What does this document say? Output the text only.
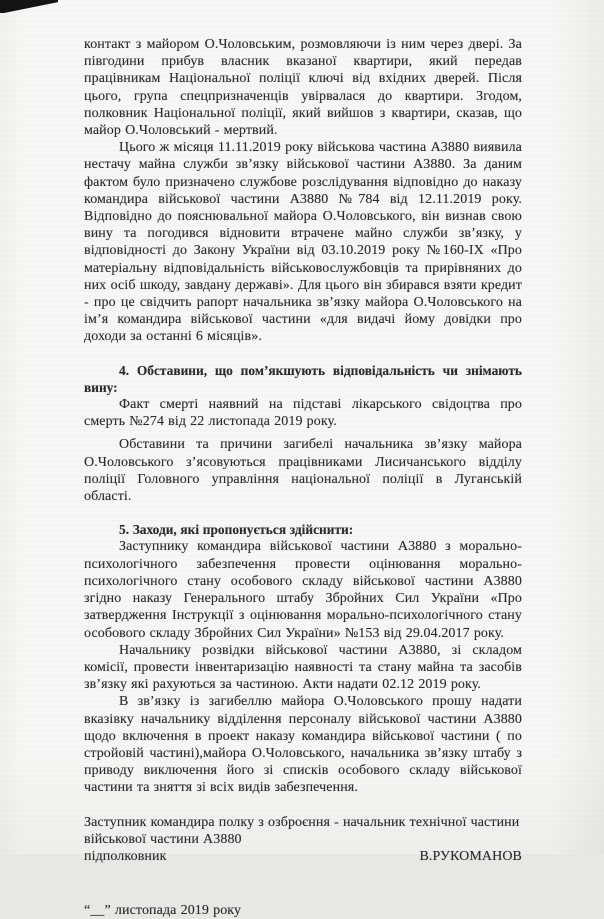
контакт з майором О.Чоловським, розмовляючи із ним через двері. За півгодини прибув власник вказаної квартири, який передав працівникам Національної поліції ключі від вхідних дверей. Після цього, група спецпризначенців увірвалася до квартири. Згодом, полковник Національної поліції, який вийшов з квартири, сказав, що майор О.Чоловський - мертвий.

Цього ж місяця 11.11.2019 року військова частина А3880 виявила нестачу майна служби зв’язку військової частини А3880. За даним фактом було призначено службове розслідування відповідно до наказу командира військової частини А3880 №784 від 12.11.2019 року. Відповідно до пояснювальної майора О.Чоловського, він визнав свою вину та погодився відновити втрачене майно служби зв’язку, у відповідності до Закону України від 03.10.2019 року №160-ІХ «Про матеріальну відповідальність військовослужбовців та прирівняних до них осіб шкоду, завдану державі». Для цього він збирався взяти кредит - про це свідчить рапорт начальника зв’язку майора О.Чоловського на ім’я командира військової частини «для видачі йому довідки про доходи за останні 6 місяців».

4. Обставини, що пом’якшують відповідальність чи знімають вину:

Факт смерті наявний на підставі лікарського свідоцтва про смерть №274 від 22 листопада 2019 року.

Обставини та причини загибелі начальника зв’язку майора О.Чоловського з’ясовуються працівниками Лисичанського відділу поліції Головного управління національної поліції в Луганській області.

5. Заходи, які пропонується здійснити:

Заступнику командира військової частини А3880 з морально-психологічного забезпечення провести оцінювання морально-психологічного стану особового складу військової частини А3880 згідно наказу Генерального штабу Збройних Сил України «Про затвердження Інструкції з оцінювання морально-психологічного стану особового складу Збройних Сил України» №153 від 29.04.2017 року.

Начальнику розвідки військової частини А3880, зі складом комісії, провести інвентаризацію наявності та стану майна та засобів зв’язку які рахуються за частиною. Акти надати 02.12 2019 року.

В зв’язку із загибеллю майора О.Чоловського прошу надати вказівку начальнику відділення персоналу військової частини А3880 щодо включення в проект наказу командира військової частини ( по стройовій частині),майора О.Чоловського, начальника зв’язку штабу з приводу виключення його зі списків особового складу військової частини та зняття зі всіх видів забезпечення.

Заступник командира полку з озброєння - начальник технічної частини

військової частини А3880

підполковник	В.РУКОМАНОВ

“__” листопада 2019 року
